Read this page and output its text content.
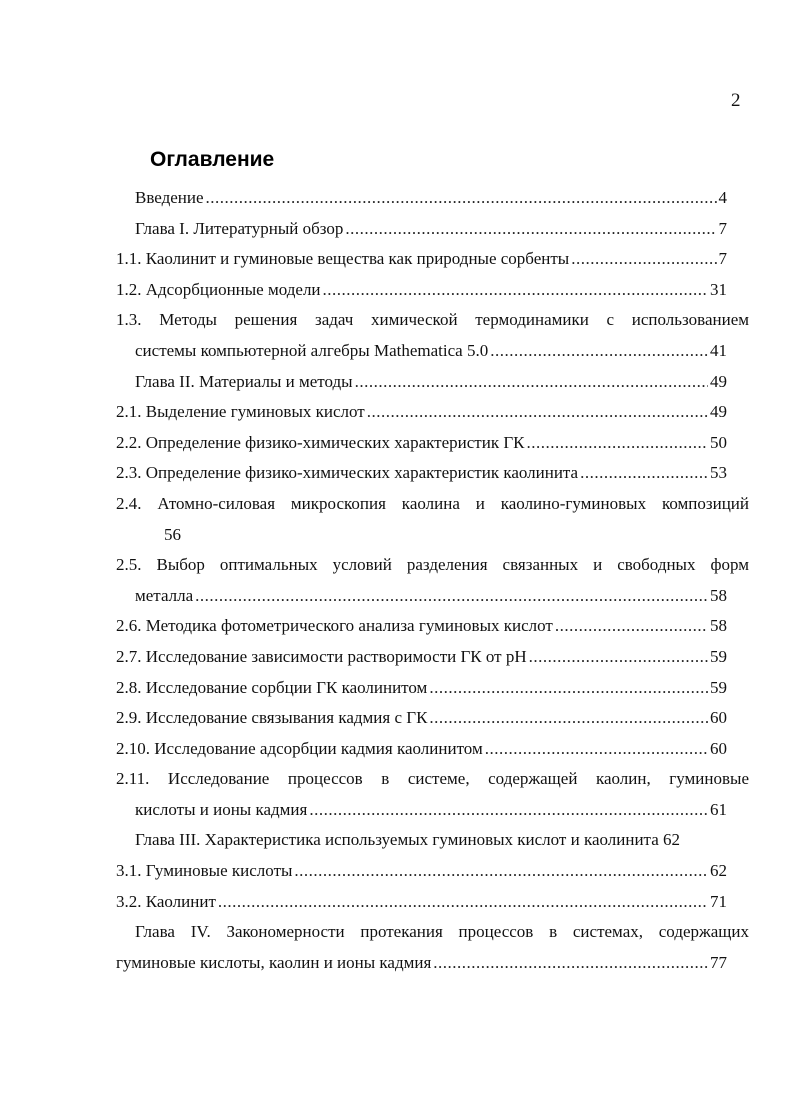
2
Оглавление
Введение .....	4
Глава I. Литературный обзор .....	7
1.1. Каолинит и гуминовые вещества как природные сорбенты .....	7
1.2. Адсорбционные модели .....	31
1.3. Методы решения задач химической термодинамики с использованием
системы компьютерной алгебры Mathematica 5.0 .....	41
Глава II. Материалы и методы .....	49
2.1. Выделение гуминовых кислот .....	49
2.2. Определение физико-химических характеристик ГК .....	50
2.3. Определение физико-химических характеристик каолинита .....	53
2.4. Атомно-силовая микроскопия каолина и каолино-гуминовых композиций
56
2.5. Выбор оптимальных условий разделения связанных и свободных форм
металла .....	58
2.6. Методика фотометрического анализа гуминовых кислот .....	58
2.7. Исследование зависимости растворимости ГК от pH .....	59
2.8. Исследование сорбции ГК каолинитом .....	59
2.9. Исследование связывания кадмия с ГК .....	60
2.10. Исследование адсорбции кадмия каолинитом .....	60
2.11. Исследование процессов в системе, содержащей каолин, гуминовые
кислоты и ионы кадмия .....	61
Глава III. Характеристика используемых гуминовых кислот и каолинита 62
3.1. Гуминовые кислоты .....	62
3.2. Каолинит .....	71
Глава IV. Закономерности протекания процессов в системах, содержащих
гуминовые кислоты, каолин и ионы кадмия .....	77
